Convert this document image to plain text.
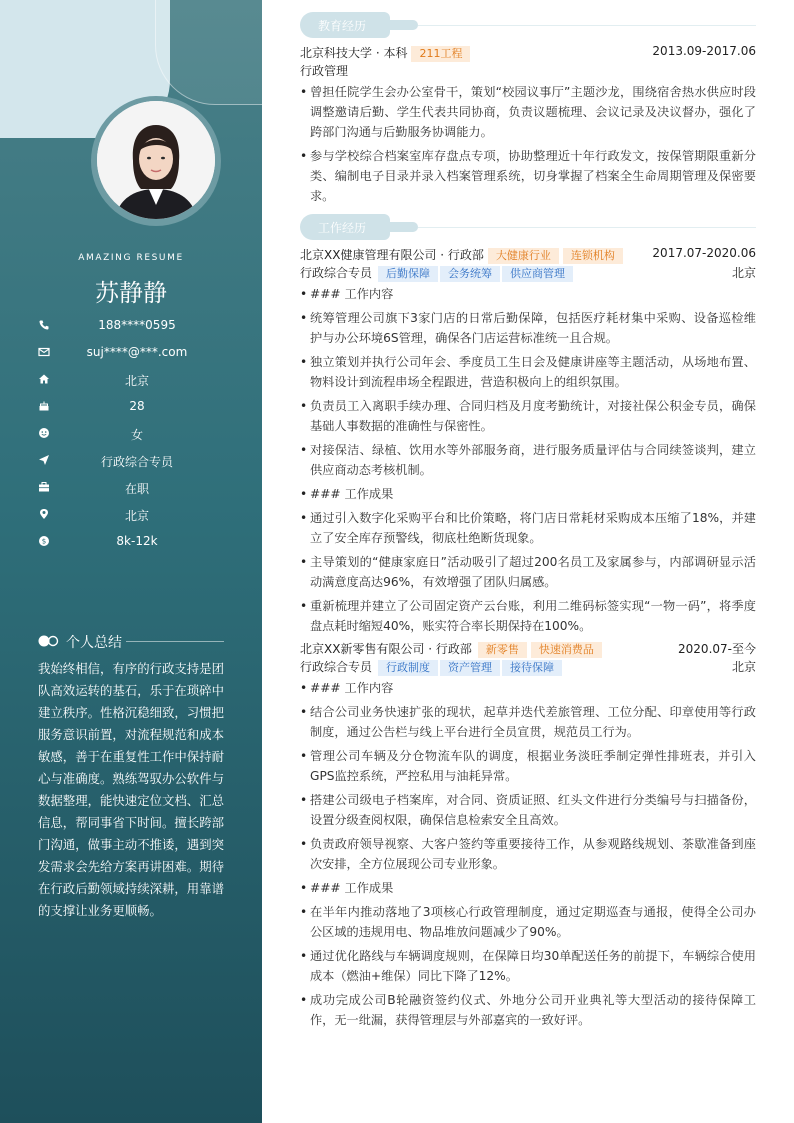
AMAZING RESUME
苏静静
188****0595
suj****@***.com
北京
28
女
行政综合专员
在职
北京
$	8k-12k
个人总结
我始终相信，有序的行政支持是团队高效运转的基石，乐于在琐碎中建立秩序。性格沉稳细致，习惯把服务意识前置，对流程规范和成本敏感，善于在重复性工作中保持耐心与准确度。熟练驾驭办公软件与数据整理，能快速定位文档、汇总信息，帮同事省下时间。擅长跨部门沟通，做事主动不推诿，遇到突发需求会先给方案再讲困难。期待在行政后勤领域持续深耕，用靠谱的支撑让业务更顺畅。
教育经历
北京科技大学 · 本科 211工程	2013.09-2017.06
行政管理
• 曾担任院学生会办公室骨干，策划“校园议事厅”主题沙龙，围绕宿舍热水供应时段调整邀请后勤、学生代表共同协商，负责议题梳理、会议记录及决议督办，强化了跨部门沟通与后勤服务协调能力。
• 参与学校综合档案室库存盘点专项，协助整理近十年行政发文，按保管期限重新分类、编制电子目录并录入档案管理系统，切身掌握了档案全生命周期管理及保密要求。
工作经历
北京XX健康管理有限公司 · 行政部 大健康行业 连锁机构	2017.07-2020.06
行政综合专员 后勤保障 会务统筹 供应商管理	北京
• ### 工作内容
• 统筹管理公司旗下3家门店的日常后勤保障，包括医疗耗材集中采购、设备巡检维护与办公环境6S管理，确保各门店运营标准统一且合规。
• 独立策划并执行公司年会、季度员工生日会及健康讲座等主题活动，从场地布置、物料设计到流程串场全程跟进，营造积极向上的组织氛围。
• 负责员工入离职手续办理、合同归档及月度考勤统计，对接社保公积金专员，确保基础人事数据的准确性与保密性。
• 对接保洁、绿植、饮用水等外部服务商，进行服务质量评估与合同续签谈判，建立供应商动态考核机制。
• ### 工作成果
• 通过引入数字化采购平台和比价策略，将门店日常耗材采购成本压缩了18%，并建立了安全库存预警线，彻底杜绝断货现象。
• 主导策划的“健康家庭日”活动吸引了超过200名员工及家属参与，内部调研显示活动满意度高达96%，有效增强了团队归属感。
• 重新梳理并建立了公司固定资产云台账，利用二维码标签实现“一物一码”，将季度盘点耗时缩短40%，账实符合率长期保持在100%。
北京XX新零售有限公司 · 行政部 新零售 快速消费品	2020.07-至今
行政综合专员 行政制度 资产管理 接待保障	北京
• ### 工作内容
• 结合公司业务快速扩张的现状，起草并迭代差旅管理、工位分配、印章使用等行政制度，通过公告栏与线上平台进行全员宣贯，规范员工行为。
• 管理公司车辆及分仓物流车队的调度，根据业务淡旺季制定弹性排班表，并引入GPS监控系统，严控私用与油耗异常。
• 搭建公司级电子档案库，对合同、资质证照、红头文件进行分类编号与扫描备份，设置分级查阅权限，确保信息检索安全且高效。
• 负责政府领导视察、大客户签约等重要接待工作，从参观路线规划、茶歇准备到座次安排，全方位展现公司专业形象。
• ### 工作成果
• 在半年内推动落地了3项核心行政管理制度，通过定期巡查与通报，使得全公司办公区域的违规用电、物品堆放问题减少了90%。
• 通过优化路线与车辆调度规则，在保障日均30单配送任务的前提下，车辆综合使用成本（燃油+维保）同比下降了12%。
• 成功完成公司B轮融资签约仪式、外地分公司开业典礼等大型活动的接待保障工作，无一纰漏，获得管理层与外部嘉宾的一致好评。
